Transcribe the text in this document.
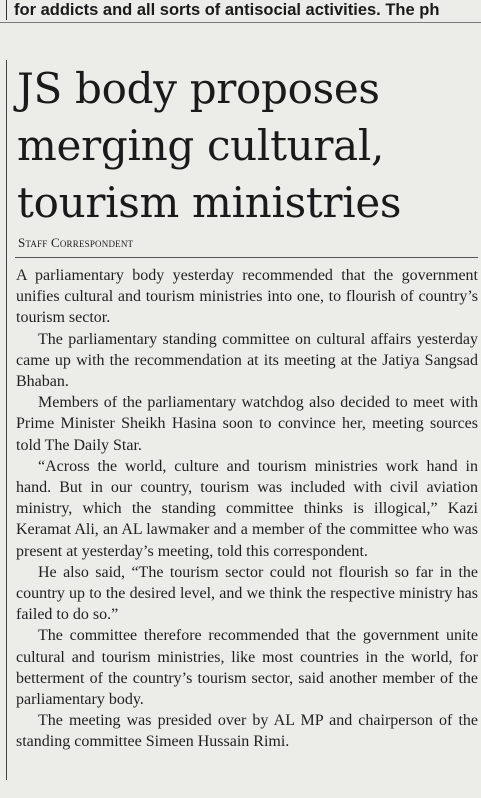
for addicts and all sorts of antisocial activities. The ph
JS body proposes
merging cultural,
tourism ministries
Staff Correspondent

A parliamentary body yesterday recommended that the government unifies cultural and tourism ministries into one, to flourish of country’s tourism sector.

The parliamentary standing committee on cultural affairs yesterday came up with the recommendation at its meeting at the Jatiya Sangsad Bhaban.

Members of the parliamentary watchdog also decided to meet with Prime Minister Sheikh Hasina soon to convince her, meeting sources told The Daily Star.

“Across the world, culture and tourism ministries work hand in hand. But in our country, tourism was included with civil aviation ministry, which the standing committee thinks is illogical,” Kazi Keramat Ali, an AL lawmaker and a member of the committee who was present at yesterday’s meeting, told this correspondent.

He also said, “The tourism sector could not flourish so far in the country up to the desired level, and we think the respective ministry has failed to do so.”

The committee therefore recommended that the government unite cultural and tourism ministries, like most countries in the world, for betterment of the country’s tourism sector, said another member of the parliamentary body.

The meeting was presided over by AL MP and chairperson of the standing committee Simeen Hussain Rimi.
